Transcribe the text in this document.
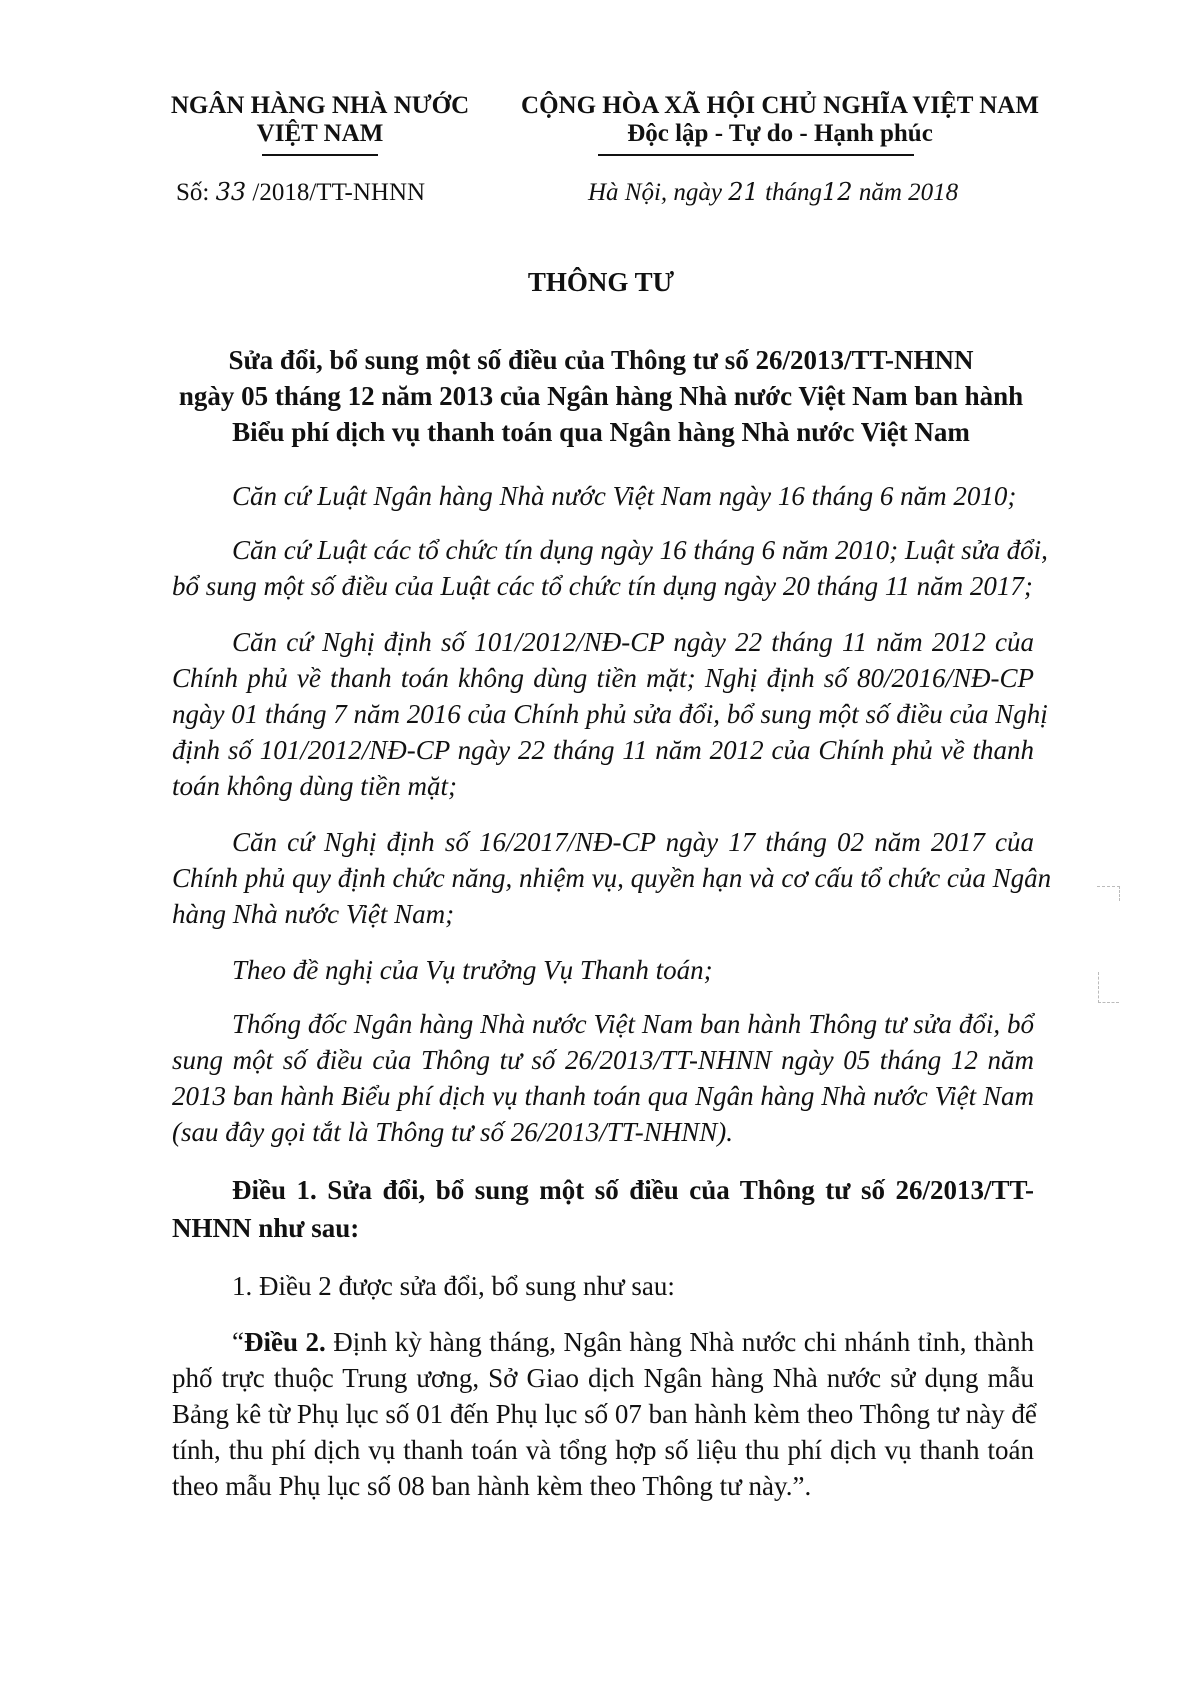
NGÂN HÀNG NHÀ NƯỚC
VIỆT NAM
CỘNG HÒA XÃ HỘI CHỦ NGHĨA VIỆT NAM
Độc lập - Tự do - Hạnh phúc
Số: 33 /2018/TT-NHNN	Hà Nội, ngày 21 tháng12 năm 2018
THÔNG TƯ
Sửa đổi, bổ sung một số điều của Thông tư số 26/2013/TT-NHNN
ngày 05 tháng 12 năm 2013 của Ngân hàng Nhà nước Việt Nam ban hành
Biểu phí dịch vụ thanh toán qua Ngân hàng Nhà nước Việt Nam
Căn cứ Luật Ngân hàng Nhà nước Việt Nam ngày 16 tháng 6 năm 2010;
Căn cứ Luật các tổ chức tín dụng ngày 16 tháng 6 năm 2010; Luật sửa đổi,
bổ sung một số điều của Luật các tổ chức tín dụng ngày 20 tháng 11 năm 2017;
Căn cứ Nghị định số 101/2012/NĐ-CP ngày 22 tháng 11 năm 2012 của
Chính phủ về thanh toán không dùng tiền mặt; Nghị định số 80/2016/NĐ-CP
ngày 01 tháng 7 năm 2016 của Chính phủ sửa đổi, bổ sung một số điều của Nghị
định số 101/2012/NĐ-CP ngày 22 tháng 11 năm 2012 của Chính phủ về thanh
toán không dùng tiền mặt;
Căn cứ Nghị định số 16/2017/NĐ-CP ngày 17 tháng 02 năm 2017 của
Chính phủ quy định chức năng, nhiệm vụ, quyền hạn và cơ cấu tổ chức của Ngân
hàng Nhà nước Việt Nam;
Theo đề nghị của Vụ trưởng Vụ Thanh toán;
Thống đốc Ngân hàng Nhà nước Việt Nam ban hành Thông tư sửa đổi, bổ
sung một số điều của Thông tư số 26/2013/TT-NHNN ngày 05 tháng 12 năm
2013 ban hành Biểu phí dịch vụ thanh toán qua Ngân hàng Nhà nước Việt Nam
(sau đây gọi tắt là Thông tư số 26/2013/TT-NHNN).
Điều 1. Sửa đổi, bổ sung một số điều của Thông tư số 26/2013/TT-
NHNN như sau:
1. Điều 2 được sửa đổi, bổ sung như sau:
“Điều 2. Định kỳ hàng tháng, Ngân hàng Nhà nước chi nhánh tỉnh, thành
phố trực thuộc Trung ương, Sở Giao dịch Ngân hàng Nhà nước sử dụng mẫu
Bảng kê từ Phụ lục số 01 đến Phụ lục số 07 ban hành kèm theo Thông tư này để
tính, thu phí dịch vụ thanh toán và tổng hợp số liệu thu phí dịch vụ thanh toán
theo mẫu Phụ lục số 08 ban hành kèm theo Thông tư này.”.
